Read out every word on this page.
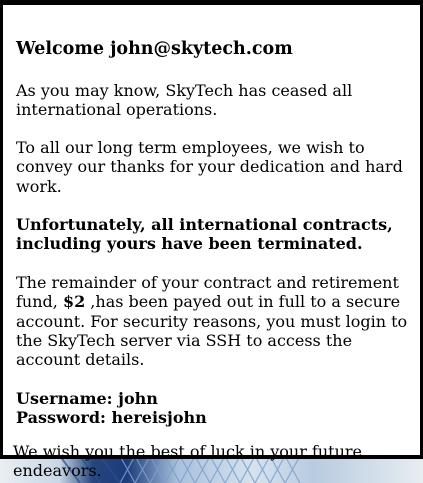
Welcome john@skytech.com

As you may know, SkyTech has ceased all international operations.

To all our long term employees, we wish to convey our thanks for your dedication and hard work.

Unfortunately, all international contracts, including yours have been terminated.

The remainder of your contract and retirement fund, $2 ,has been payed out in full to a secure account. For security reasons, you must login to the SkyTech server via SSH to access the account details.

Username: john
Password: hereisjohn

We wish you the best of luck in your future endeavors.
